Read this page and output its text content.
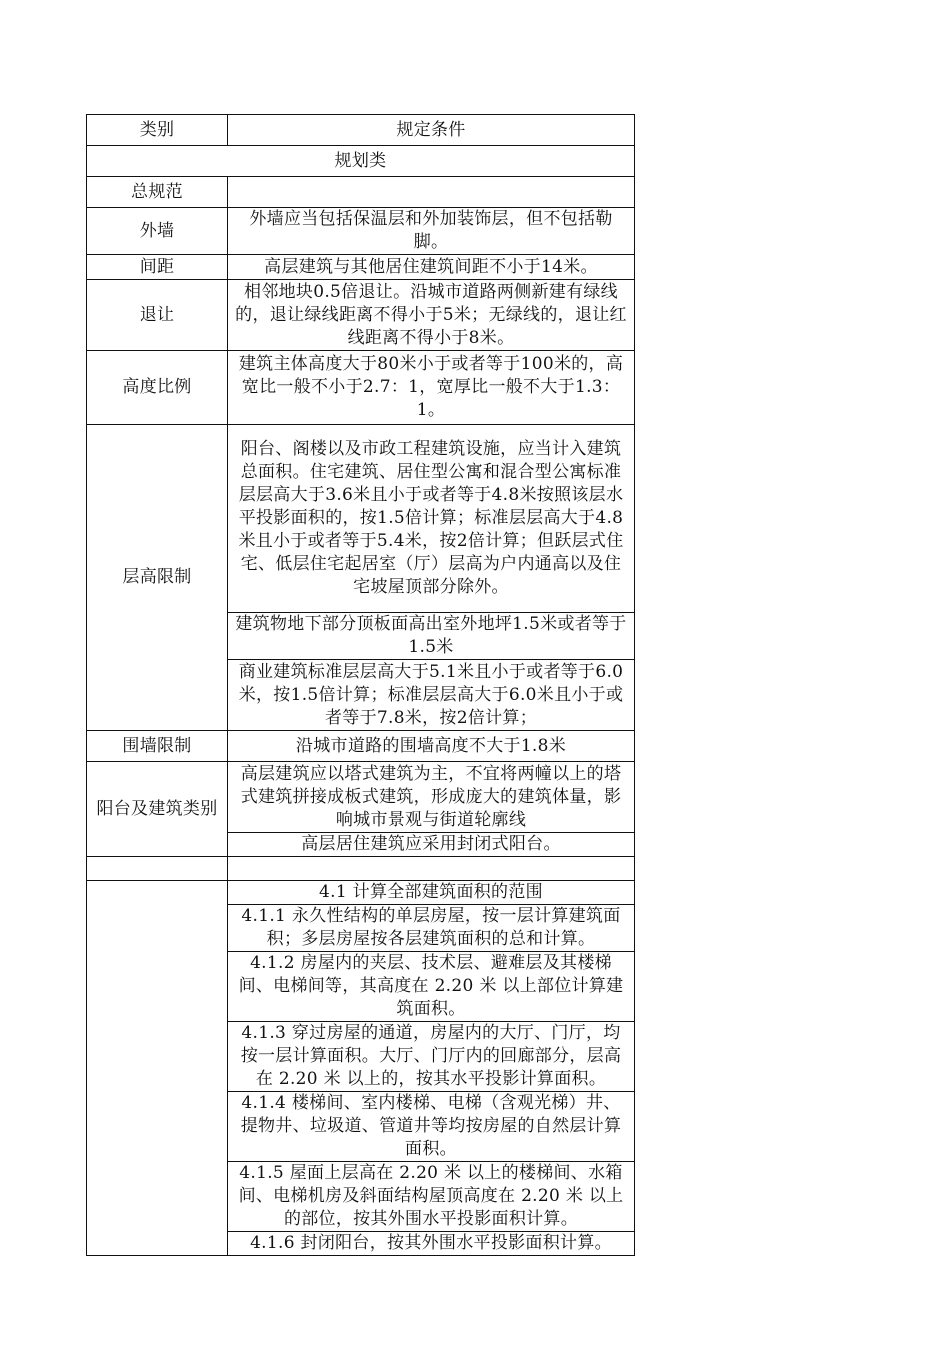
类别	规定条件
规划类	
总规范	
外墙	外墙应当包括保温层和外加装饰层，但不包括勒脚。
间距	高层建筑与其他居住建筑间距不小于14米。
退让	相邻地块0.5倍退让。沿城市道路两侧新建有绿线的，退让绿线距离不得小于5米；无绿线的，退让红线距离不得小于8米。
高度比例	建筑主体高度大于80米小于或者等于100米的，高宽比一般不小于2.7：1，宽厚比一般不大于1.3：1。
层高限制	阳台、阁楼以及市政工程建筑设施，应当计入建筑总面积。住宅建筑、居住型公寓和混合型公寓标准层层高大于3.6米且小于或者等于4.8米按照该层水平投影面积的，按1.5倍计算；标准层层高大于4.8米且小于或者等于5.4米，按2倍计算；但跃层式住宅、低层住宅起居室（厅）层高为户内通高以及住宅坡屋顶部分除外。
	建筑物地下部分顶板面高出室外地坪1.5米或者等于1.5米
	商业建筑标准层层高大于5.1米且小于或者等于6.0米，按1.5倍计算；标准层层高大于6.0米且小于或者等于7.8米，按2倍计算；
围墙限制	沿城市道路的围墙高度不大于1.8米
阳台及建筑类别	高层建筑应以塔式建筑为主，不宜将两幢以上的塔式建筑拼接成板式建筑，形成庞大的建筑体量，影响城市景观与街道轮廓线
	高层居住建筑应采用封闭式阳台。

	4.1 计算全部建筑面积的范围
	4.1.1 永久性结构的单层房屋，按一层计算建筑面积；多层房屋按各层建筑面积的总和计算。
	4.1.2 房屋内的夹层、技术层、避难层及其楼梯间、电梯间等，其高度在 2.20 米 以上部位计算建筑面积。
	4.1.3 穿过房屋的通道，房屋内的大厅、门厅，均按一层计算面积。大厅、门厅内的回廊部分，层高在 2.20 米 以上的，按其水平投影计算面积。
	4.1.4 楼梯间、室内楼梯、电梯（含观光梯）井、提物井、垃圾道、管道井等均按房屋的自然层计算面积。
	4.1.5 屋面上层高在 2.20 米 以上的楼梯间、水箱间、电梯机房及斜面结构屋顶高度在 2.20 米 以上的部位，按其外围水平投影面积计算。
	4.1.6 封闭阳台，按其外围水平投影面积计算。
